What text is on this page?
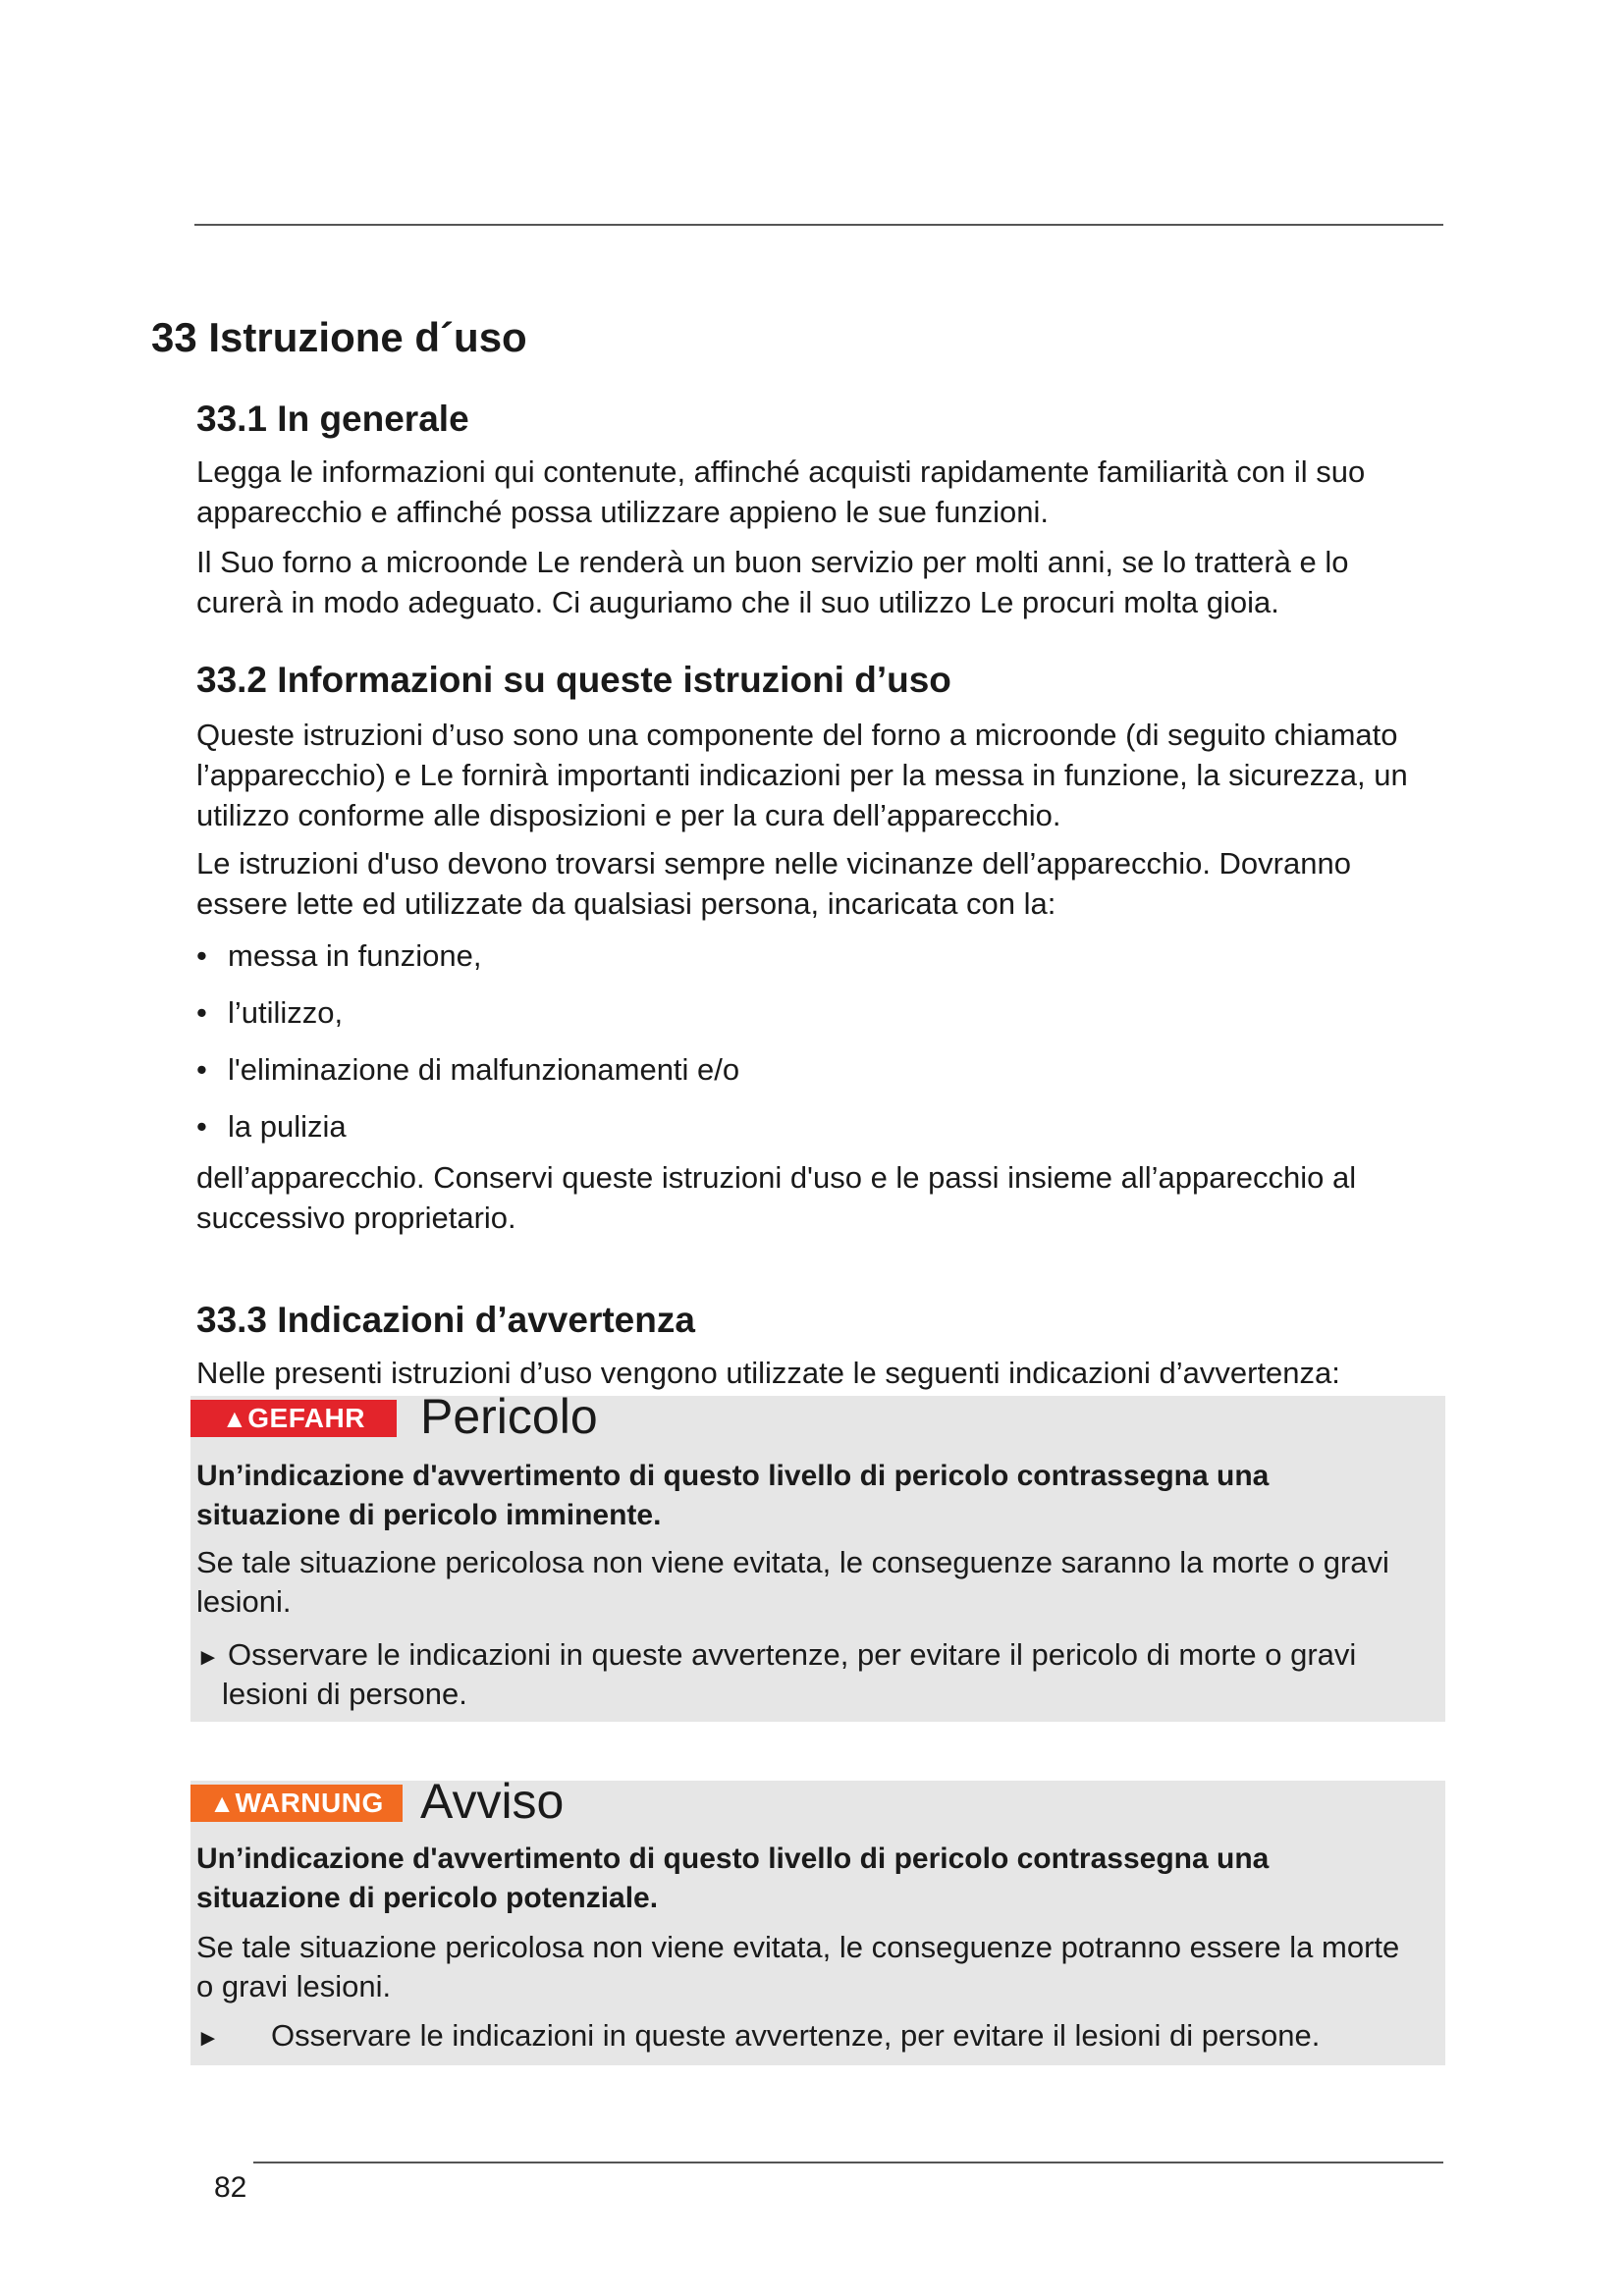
33 Istruzione d´uso
33.1 In generale

Legga le informazioni qui contenute, affinché acquisti rapidamente familiarità con il suo

apparecchio e affinché possa utilizzare appieno le sue funzioni.

Il Suo forno a microonde Le renderà un buon servizio per molti anni, se lo tratterà e lo

curerà in modo adeguato. Ci auguriamo che il suo utilizzo Le procuri molta gioia.

33.2 Informazioni su queste istruzioni d’uso

Queste istruzioni d’uso sono una componente del forno a microonde (di seguito chiamato

l’apparecchio) e Le fornirà importanti indicazioni per la messa in funzione, la sicurezza, un

utilizzo conforme alle disposizioni e per la cura dell’apparecchio.

Le istruzioni d'uso devono trovarsi sempre nelle vicinanze dell’apparecchio. Dovranno

essere lette ed utilizzate da qualsiasi persona, incaricata con la:

• messa in funzione,
• l’utilizzo,
• l'eliminazione di malfunzionamenti e/o
• la pulizia

dell’apparecchio. Conservi queste istruzioni d'uso e le passi insieme all’apparecchio al

successivo proprietario.

33.3 Indicazioni d’avvertenza

Nelle presenti istruzioni d’uso vengono utilizzate le seguenti indicazioni d’avvertenza:

▲GEFAHR	Pericolo
Un’indicazione d'avvertimento di questo livello di pericolo contrassegna una
situazione di pericolo imminente.
Se tale situazione pericolosa non viene evitata, le conseguenze saranno la morte o gravi
lesioni.
► Osservare le indicazioni in queste avvertenze, per evitare il pericolo di morte o gravi
lesioni di persone.
▲WARNUNG Avviso
Un’indicazione d'avvertimento di questo livello di pericolo contrassegna una
situazione di pericolo potenziale.
Se tale situazione pericolosa non viene evitata, le conseguenze potranno essere la morte
o gravi lesioni.
► Osservare le indicazioni in queste avvertenze, per evitare il lesioni di persone.
82
